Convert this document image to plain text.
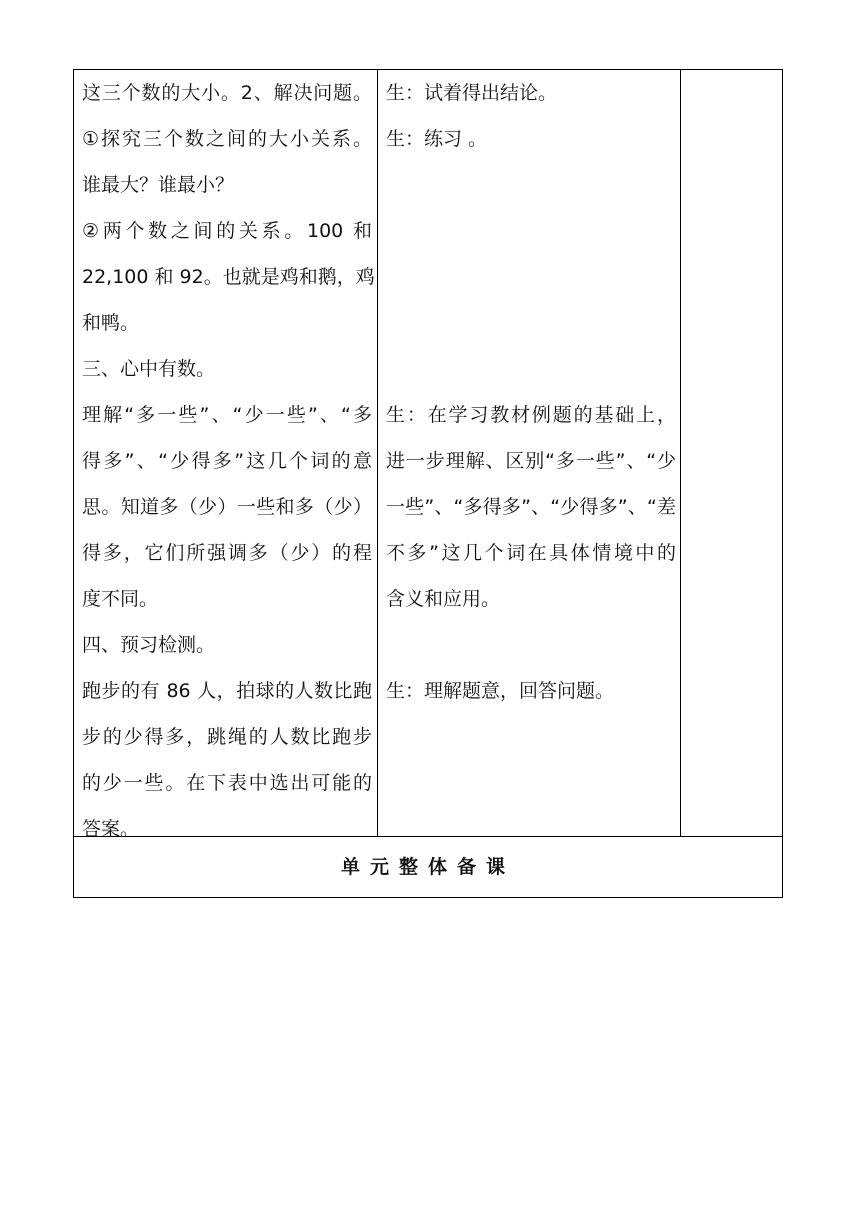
这三个数的大小。2、解决问题。
①探究三个数之间的大小关系。
谁最大？谁最小？
②两个数之间的关系。100 和
22,100 和 92。也就是鸡和鹅，鸡
和鸭。
三、心中有数。
理解“多一些”、“少一些”、“多
得多”、“少得多”这几个词的意
思。知道多（少）一些和多（少）
得多，它们所强调多（少）的程
度不同。
四、预习检测。
跑步的有 86 人，拍球的人数比跑
步的少得多，跳绳的人数比跑步
的少一些。在下表中选出可能的
答案。
生：试着得出结论。
生：练习 。
生：在学习教材例题的基础上，
进一步理解、区别“多一些”、“少
一些”、“多得多”、“少得多”、“差
不多”这几个词在具体情境中的
含义和应用。
生：理解题意，回答问题。
单元整体备课
